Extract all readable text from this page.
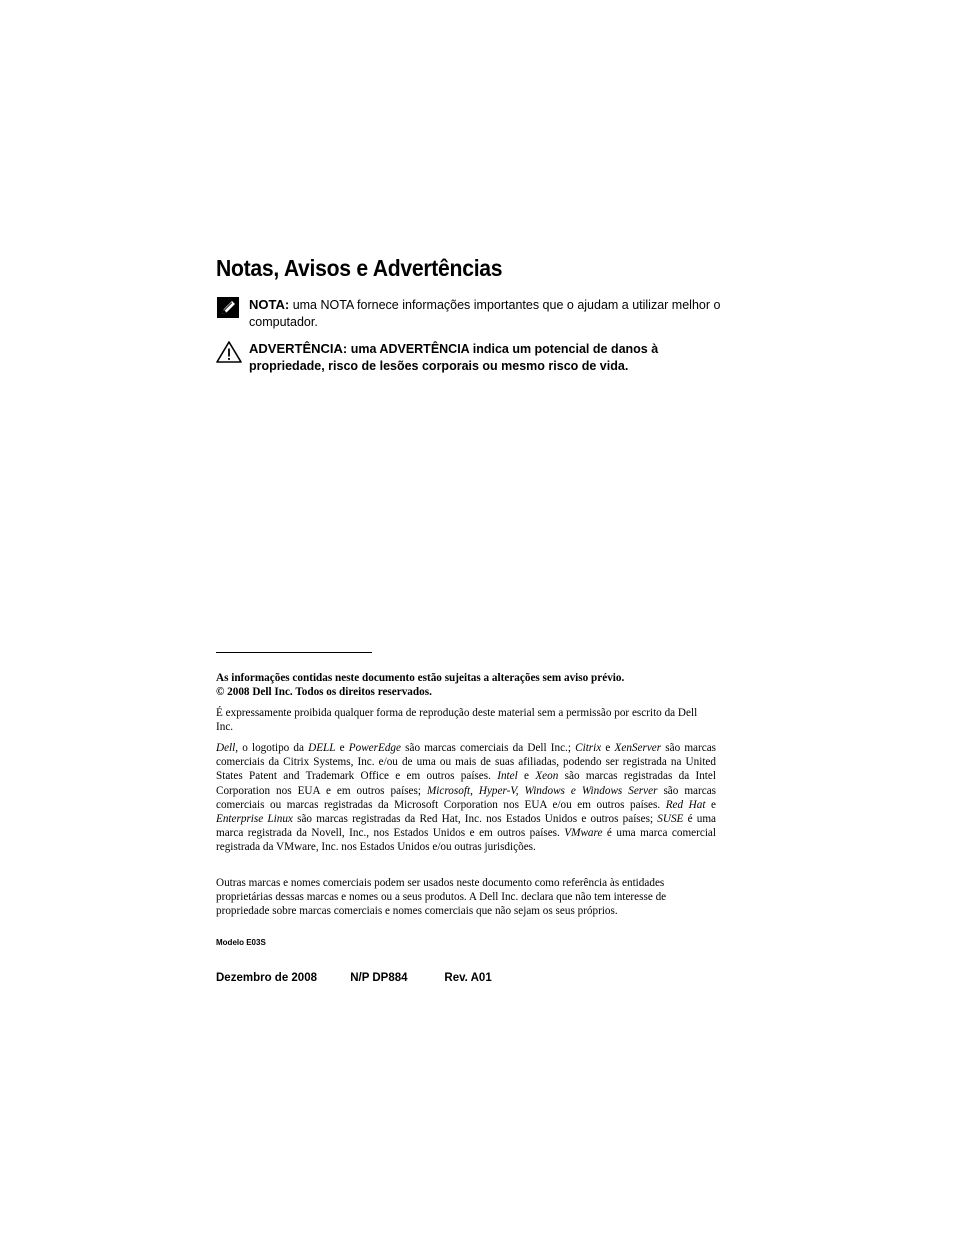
Notas, Avisos e Advertências
NOTA: uma NOTA fornece informações importantes que o ajudam a utilizar melhor o computador.
ADVERTÊNCIA: uma ADVERTÊNCIA indica um potencial de danos à propriedade, risco de lesões corporais ou mesmo risco de vida.

As informações contidas neste documento estão sujeitas a alterações sem aviso prévio.

© 2008 Dell Inc. Todos os direitos reservados.

É expressamente proibida qualquer forma de reprodução deste material sem a permissão por escrito da Dell Inc.

Dell, o logotipo da DELL e PowerEdge são marcas comerciais da Dell Inc.; Citrix e XenServer são marcas comerciais da Citrix Systems, Inc. e/ou de uma ou mais de suas afiliadas, podendo ser registrada na United States Patent and Trademark Office e em outros países. Intel e Xeon são marcas registradas da Intel Corporation nos EUA e em outros países; Microsoft, Hyper-V, Windows e Windows Server são marcas comerciais ou marcas registradas da Microsoft Corporation nos EUA e/ou em outros países. Red Hat e Enterprise Linux são marcas registradas da Red Hat, Inc. nos Estados Unidos e outros países; SUSE é uma marca registrada da Novell, Inc., nos Estados Unidos e em outros países. VMware é uma marca comercial registrada da VMware, Inc. nos Estados Unidos e/ou outras jurisdições.

Outras marcas e nomes comerciais podem ser usados neste documento como referência às entidades proprietárias dessas marcas e nomes ou a seus produtos. A Dell Inc. declara que não tem interesse de propriedade sobre marcas comerciais e nomes comerciais que não sejam os seus próprios.

Modelo E03S
Dezembro de 2008	N/P DP884	Rev. A01
